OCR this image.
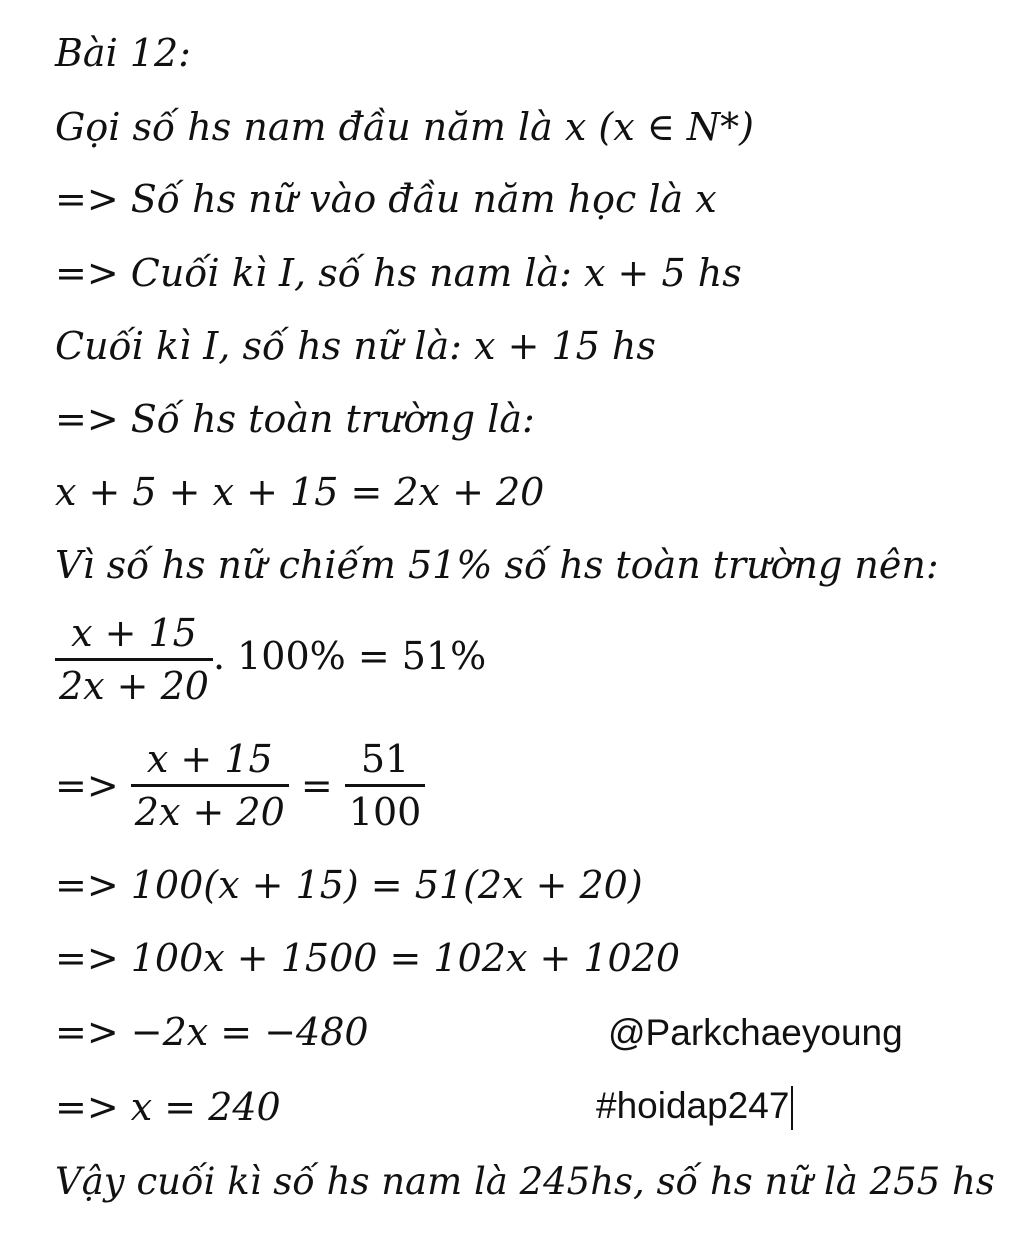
Bài 12:
Gọi số hs nam đầu năm là x (x ∈ N*)
=> Số hs nữ vào đầu năm học là x
=> Cuối kì I, số hs nam là: x + 5 hs
Cuối kì I, số hs nữ là: x + 15 hs
=> Số hs toàn trường là:
x + 5 + x + 15 = 2x + 20
Vì số hs nữ chiếm 51% số hs toàn trường nên:
$\frac{x + 15}{2x + 20}$ . 100% = 51%
=> $\frac{x + 15}{2x + 20} = \frac{51}{100}$
=> 100(x + 15) = 51(2x + 20)
=> 100x + 1500 = 102x + 1020
=> −2x = −480
=> x = 240
@Parkchaeyoung
#hoidap247
Vậy cuối kì số hs nam là 245hs, số hs nữ là 255 hs
